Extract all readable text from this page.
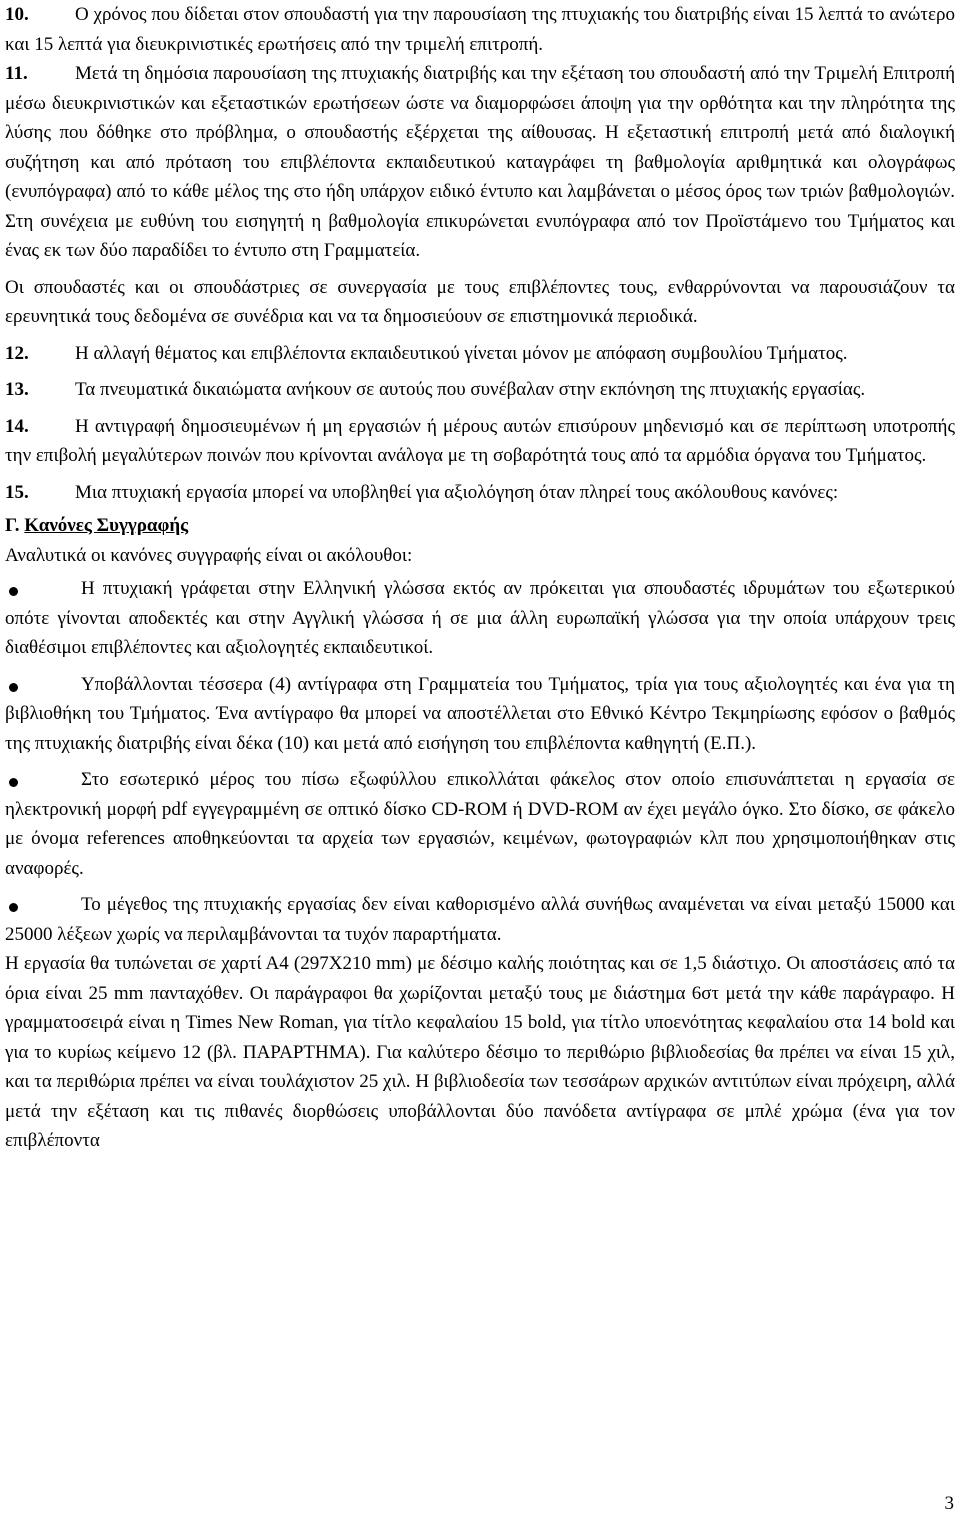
10. Ο χρόνος που δίδεται στον σπουδαστή για την παρουσίαση της πτυχιακής του διατριβής είναι 15 λεπτά το ανώτερο και 15 λεπτά για διευκρινιστικές ερωτήσεις από την τριμελή επιτροπή.

11. Μετά τη δημόσια παρουσίαση της πτυχιακής διατριβής και την εξέταση του σπουδαστή από την Τριμελή Επιτροπή μέσω διευκρινιστικών και εξεταστικών ερωτήσεων ώστε να διαμορφώσει άποψη για την ορθότητα και την πληρότητα της λύσης που δόθηκε στο πρόβλημα, ο σπουδαστής εξέρχεται της αίθουσας. Η εξεταστική επιτροπή μετά από διαλογική συζήτηση και από πρόταση του επιβλέποντα εκπαιδευτικού καταγράφει τη βαθμολογία αριθμητικά και ολογράφως (ενυπόγραφα) από το κάθε μέλος της στο ήδη υπάρχον ειδικό έντυπο και λαμβάνεται ο μέσος όρος των τριών βαθμολογιών. Στη συνέχεια με ευθύνη του εισηγητή η βαθμολογία επικυρώνεται ενυπόγραφα από τον Προϊστάμενο του Τμήματος και ένας εκ των δύο παραδίδει το έντυπο στη Γραμματεία.

Οι σπουδαστές και οι σπουδάστριες σε συνεργασία με τους επιβλέποντες τους, ενθαρρύνονται να παρουσιάζουν τα ερευνητικά τους δεδομένα σε συνέδρια και να τα δημοσιεύουν σε επιστημονικά περιοδικά.

12. Η αλλαγή θέματος και επιβλέποντα εκπαιδευτικού γίνεται μόνον με απόφαση συμβουλίου Τμήματος.

13. Τα πνευματικά δικαιώματα ανήκουν σε αυτούς που συνέβαλαν στην εκπόνηση της πτυχιακής εργασίας.

14. Η αντιγραφή δημοσιευμένων ή μη εργασιών ή μέρους αυτών επισύρουν μηδενισμό και σε περίπτωση υποτροπής την επιβολή μεγαλύτερων ποινών που κρίνονται ανάλογα με τη σοβαρότητά τους από τα αρμόδια όργανα του Τμήματος.

15. Μια πτυχιακή εργασία μπορεί να υποβληθεί για αξιολόγηση όταν πληρεί τους ακόλουθους κανόνες:

Γ. Κανόνες Συγγραφής

Αναλυτικά οι κανόνες συγγραφής είναι οι ακόλουθοι:

Η πτυχιακή γράφεται στην Ελληνική γλώσσα εκτός αν πρόκειται για σπουδαστές ιδρυμάτων του εξωτερικού οπότε γίνονται αποδεκτές και στην Αγγλική γλώσσα ή σε μια άλλη ευρωπαϊκή γλώσσα για την οποία υπάρχουν τρεις διαθέσιμοι επιβλέποντες και αξιολογητές εκπαιδευτικοί.

Υποβάλλονται τέσσερα (4) αντίγραφα στη Γραμματεία του Τμήματος, τρία για τους αξιολογητές και ένα για τη βιβλιοθήκη του Τμήματος. Ένα αντίγραφο θα μπορεί να αποστέλλεται στο Εθνικό Κέντρο Τεκμηρίωσης εφόσον ο βαθμός της πτυχιακής διατριβής είναι δέκα (10) και μετά από εισήγηση του επιβλέποντα καθηγητή (Ε.Π.).

Στο εσωτερικό μέρος του πίσω εξωφύλλου επικολλάται φάκελος στον οποίο επισυνάπτεται η εργασία σε ηλεκτρονική μορφή pdf εγγεγραμμένη σε οπτικό δίσκο CD-ROM ή DVD-ROM αν έχει μεγάλο όγκο. Στο δίσκο, σε φάκελο με όνομα references αποθηκεύονται τα αρχεία των εργασιών, κειμένων, φωτογραφιών κλπ που χρησιμοποιήθηκαν στις αναφορές.

Το μέγεθος της πτυχιακής εργασίας δεν είναι καθορισμένο αλλά συνήθως αναμένεται να είναι μεταξύ 15000 και 25000 λέξεων χωρίς να περιλαμβάνονται τα τυχόν παραρτήματα.

Η εργασία θα τυπώνεται σε χαρτί Α4 (297Χ210 mm) με δέσιμο καλής ποιότητας και σε 1,5 διάστιχο. Οι αποστάσεις από τα όρια είναι 25 mm πανταχόθεν. Οι παράγραφοι θα χωρίζονται μεταξύ τους με διάστημα 6στ μετά την κάθε παράγραφο. Η γραμματοσειρά είναι η Times New Roman, για τίτλο κεφαλαίου 15 bold, για τίτλο υποενότητας κεφαλαίου στα 14 bold και για το κυρίως κείμενο 12 (βλ. ΠΑΡΑΡΤΗΜΑ). Για καλύτερο δέσιμο το περιθώριο βιβλιοδεσίας θα πρέπει να είναι 15 χιλ, και τα περιθώρια πρέπει να είναι τουλάχιστον 25 χιλ. Η βιβλιοδεσία των τεσσάρων αρχικών αντιτύπων είναι πρόχειρη, αλλά μετά την εξέταση και τις πιθανές διορθώσεις υποβάλλονται δύο πανόδετα αντίγραφα σε μπλέ χρώμα (ένα για τον επιβλέποντα

3
